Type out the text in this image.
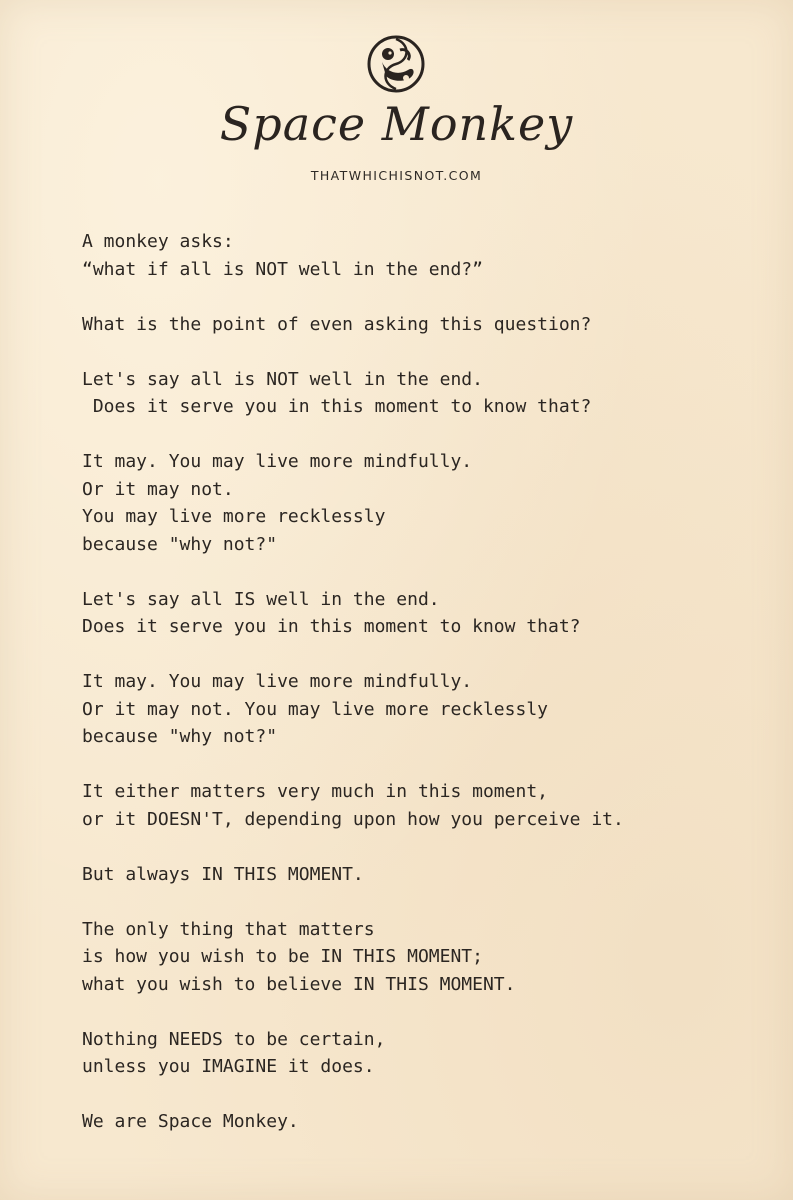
Space Monkey
THATWHICHISNOT.COM
A monkey asks:
“what if all is NOT well in the end?”
What is the point of even asking this question?
Let's say all is NOT well in the end.
Does it serve you in this moment to know that?
It may. You may live more mindfully.
Or it may not.
You may live more recklessly
because "why not?"
Let's say all IS well in the end.
Does it serve you in this moment to know that?
It may. You may live more mindfully.
Or it may not. You may live more recklessly
because "why not?"
It either matters very much in this moment,
or it DOESN'T, depending upon how you perceive it.
But always IN THIS MOMENT.
The only thing that matters
is how you wish to be IN THIS MOMENT;
what you wish to believe IN THIS MOMENT.
Nothing NEEDS to be certain,
unless you IMAGINE it does.
We are Space Monkey.
